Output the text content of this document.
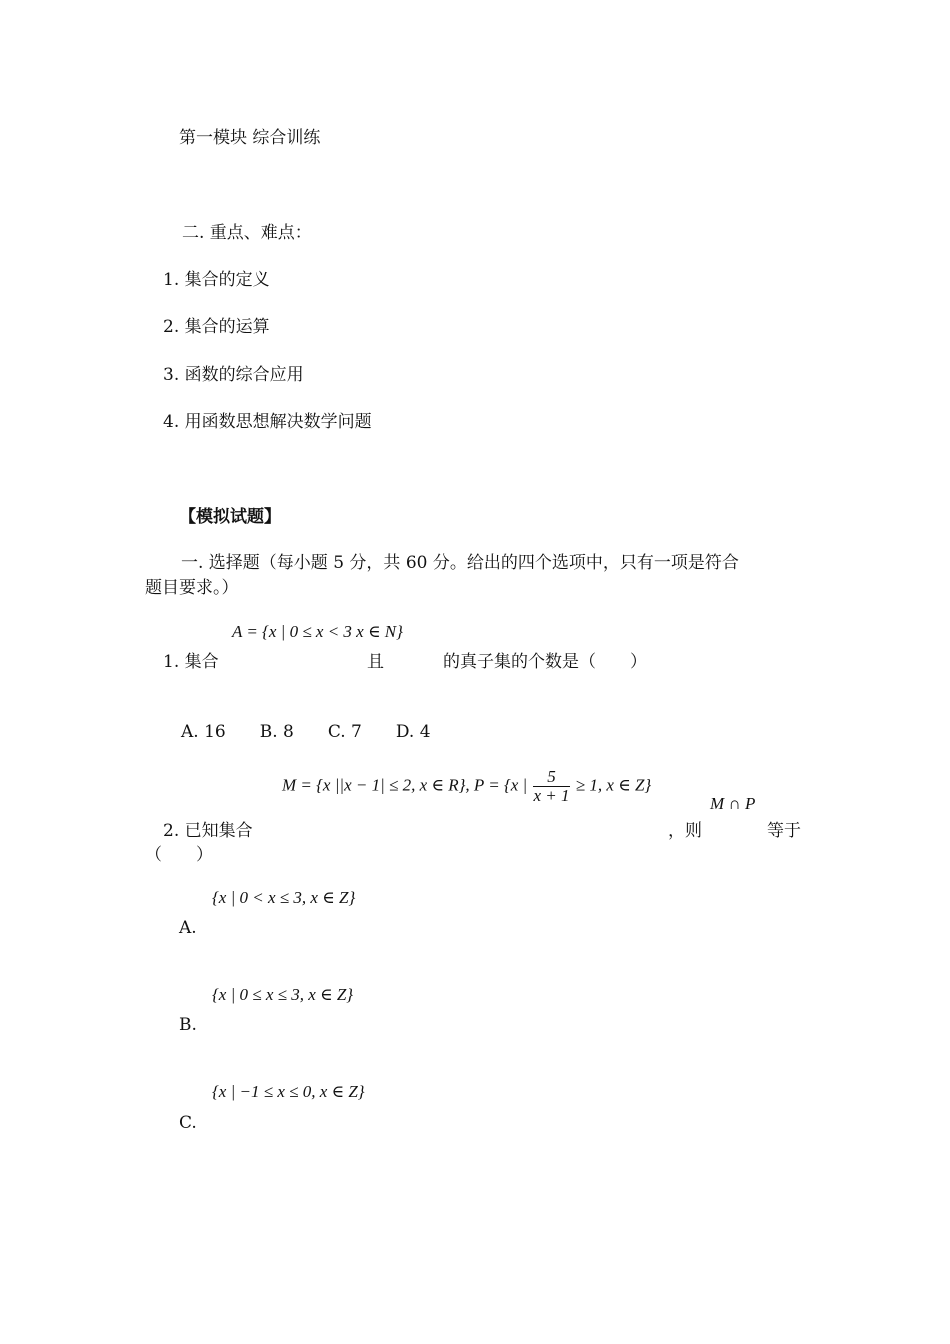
第一模块 综合训练
二. 重点、难点：
1. 集合的定义
2. 集合的运算
3. 函数的综合应用
4. 用函数思想解决数学问题
【模拟试题】
一. 选择题（每小题 5 分，共 60 分。给出的四个选项中，只有一项是符合
题目要求。）
A = {x | 0 ≤ x < 3 x ∈ N}
1. 集合	且	的真子集的个数是（　　）
A. 16　　B. 8　　C. 7　　D. 4
M = {x ||x − 1| ≤ 2, x ∈ R}, P = {x | $\frac{5}{x + 1} \ge 1$, x ∈ Z}
M ∩ P
2. 已知集合	，则	等于
（　　）
{x | 0 < x ≤ 3, x ∈ Z}
A.
{x | 0 ≤ x ≤ 3, x ∈ Z}
B.
{x | −1 ≤ x ≤ 0, x ∈ Z}
C.
